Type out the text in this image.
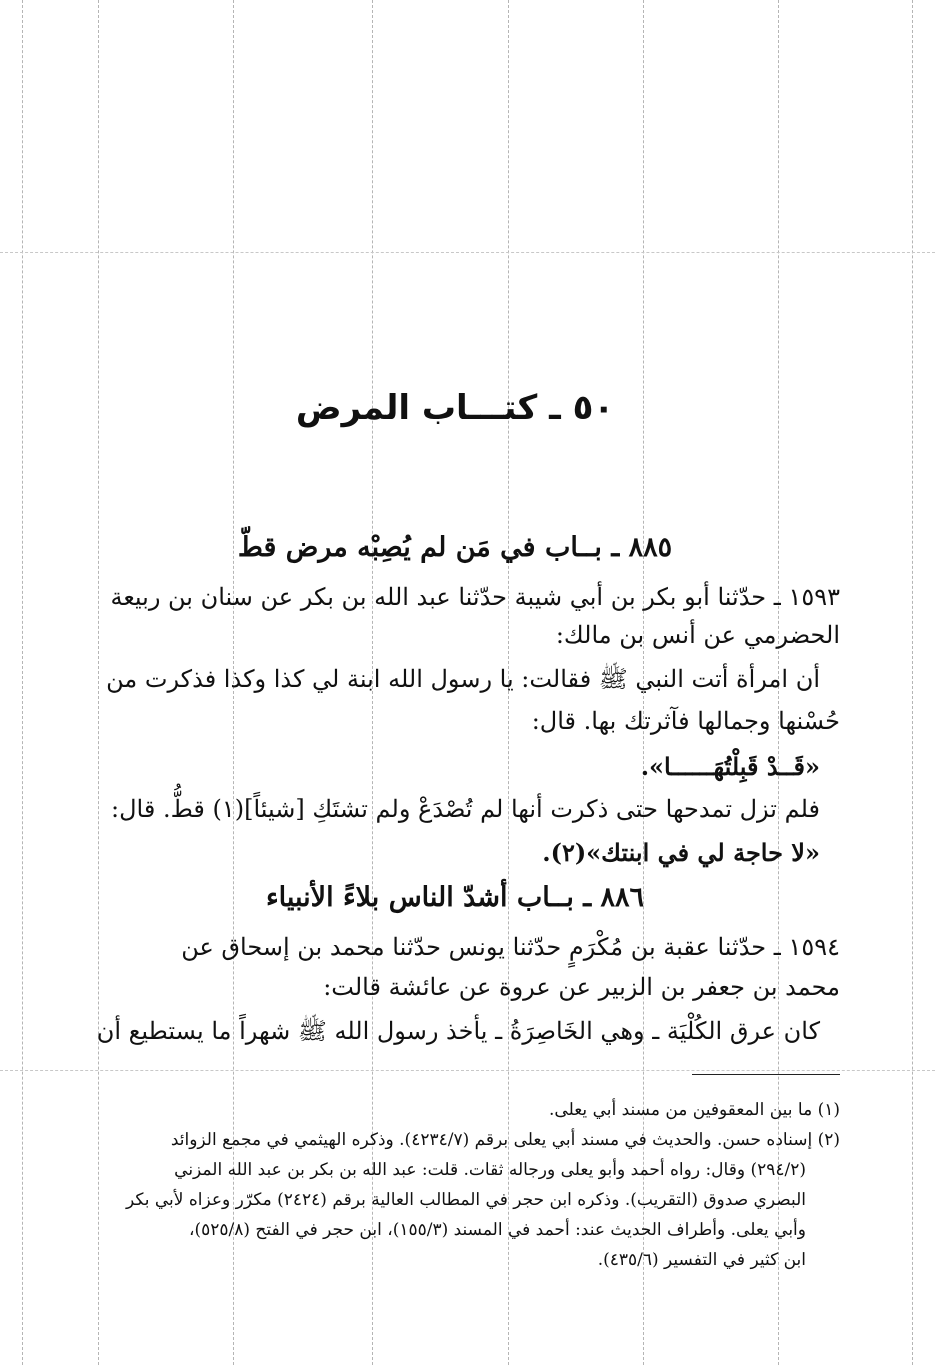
٥٠ ـ كتـــاب المرض
٨٨٥ ـ بــاب في مَن لم يُصِبْه مرض قطّ
١٥٩٣ ـ حدّثنا أبو بكر بن أبي شيبة حدّثنا عبد الله بن بكر عن سنان بن ربيعة
الحضرمي عن أنس بن مالك:
أن امرأة أتت النبي ﷺ فقالت: يا رسول الله ابنة لي كذا وكذا فذكرت من
حُسْنها وجمالها فآثرتك بها. قال:
«قَــدْ قَبِلْتُهَــــــا».
فلم تزل تمدحها حتى ذكرت أنها لم تُصْدَعْ ولم تشتَكِ [شيئاً](١) قطُّ. قال:
«لا حاجة لي في ابنتك»(٢).
٨٨٦ ـ بــاب أشدّ الناس بلاءً الأنبياء
١٥٩٤ ـ حدّثنا عقبة بن مُكْرَمٍ حدّثنا يونس حدّثنا محمد بن إسحاق عن
محمد بن جعفر بن الزبير عن عروة عن عائشة قالت:
كان عرق الكُلْيَة ـ وهي الخَاصِرَةُ ـ يأخذ رسول الله ﷺ شهراً ما يستطيع أن
(١) ما بين المعقوفين من مسند أبي يعلى.
(٢) إسناده حسن. والحديث في مسند أبي يعلى برقم (٤٢٣٤/٧). وذكره الهيثمي في مجمع الزوائد
(٢٩٤/٢) وقال: رواه أحمد وأبو يعلى ورجاله ثقات. قلت: عبد الله بن بكر بن عبد الله المزني
البصري صدوق (التقريب). وذكره ابن حجر في المطالب العالية برقم (٢٤٢٤) مكرّر وعزاه لأبي بكر
وأبي يعلى. وأطراف الحديث عند: أحمد في المسند (١٥٥/٣)، ابن حجر في الفتح (٥٢٥/٨)،
ابن كثير في التفسير (٤٣٥/٦).
